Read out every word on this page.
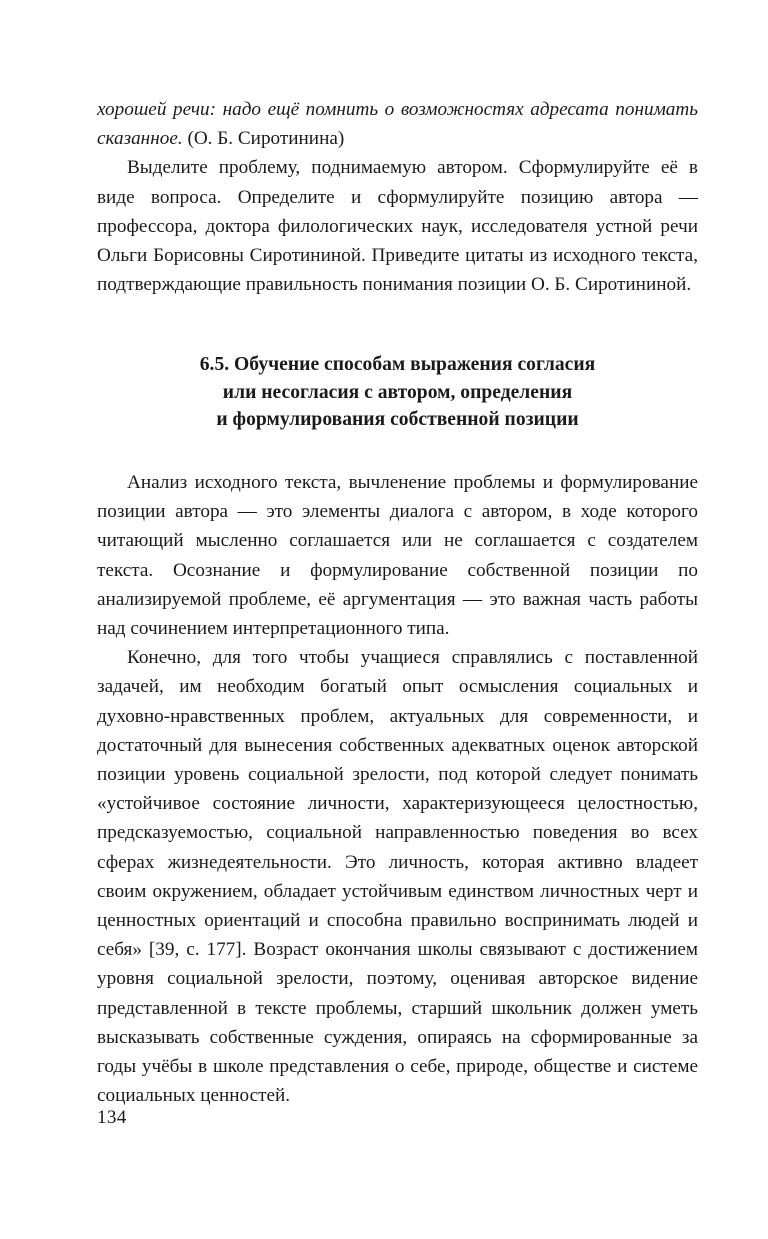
хорошей речи: надо ещё помнить о возможностях адресата понимать сказанное. (О. Б. Сиротинина)

Выделите проблему, поднимаемую автором. Сформулируйте её в виде вопроса. Определите и сформулируйте позицию автора — профессора, доктора филологических наук, исследователя устной речи Ольги Борисовны Сиротининой. Приведите цитаты из исходного текста, подтверждающие правильность понимания позиции О. Б. Сиротининой.

6.5. Обучение способам выражения согласия
или несогласия с автором, определения
и формулирования собственной позиции

Анализ исходного текста, вычленение проблемы и формулирование позиции автора — это элементы диалога с автором, в ходе которого читающий мысленно соглашается или не соглашается с создателем текста. Осознание и формулирование собственной позиции по анализируемой проблеме, её аргументация — это важная часть работы над сочинением интерпретационного типа.

Конечно, для того чтобы учащиеся справлялись с поставленной задачей, им необходим богатый опыт осмысления социальных и духовно-нравственных проблем, актуальных для современности, и достаточный для вынесения собственных адекватных оценок авторской позиции уровень социальной зрелости, под которой следует понимать «устойчивое состояние личности, характеризующееся целостностью, предсказуемостью, социальной направленностью поведения во всех сферах жизнедеятельности. Это личность, которая активно владеет своим окружением, обладает устойчивым единством личностных черт и ценностных ориентаций и способна правильно воспринимать людей и себя» [39, с. 177]. Возраст окончания школы связывают с достижением уровня социальной зрелости, поэтому, оценивая авторское видение представленной в тексте проблемы, старший школьник должен уметь высказывать собственные суждения, опираясь на сформированные за годы учёбы в школе представления о себе, природе, обществе и системе социальных ценностей.

134
